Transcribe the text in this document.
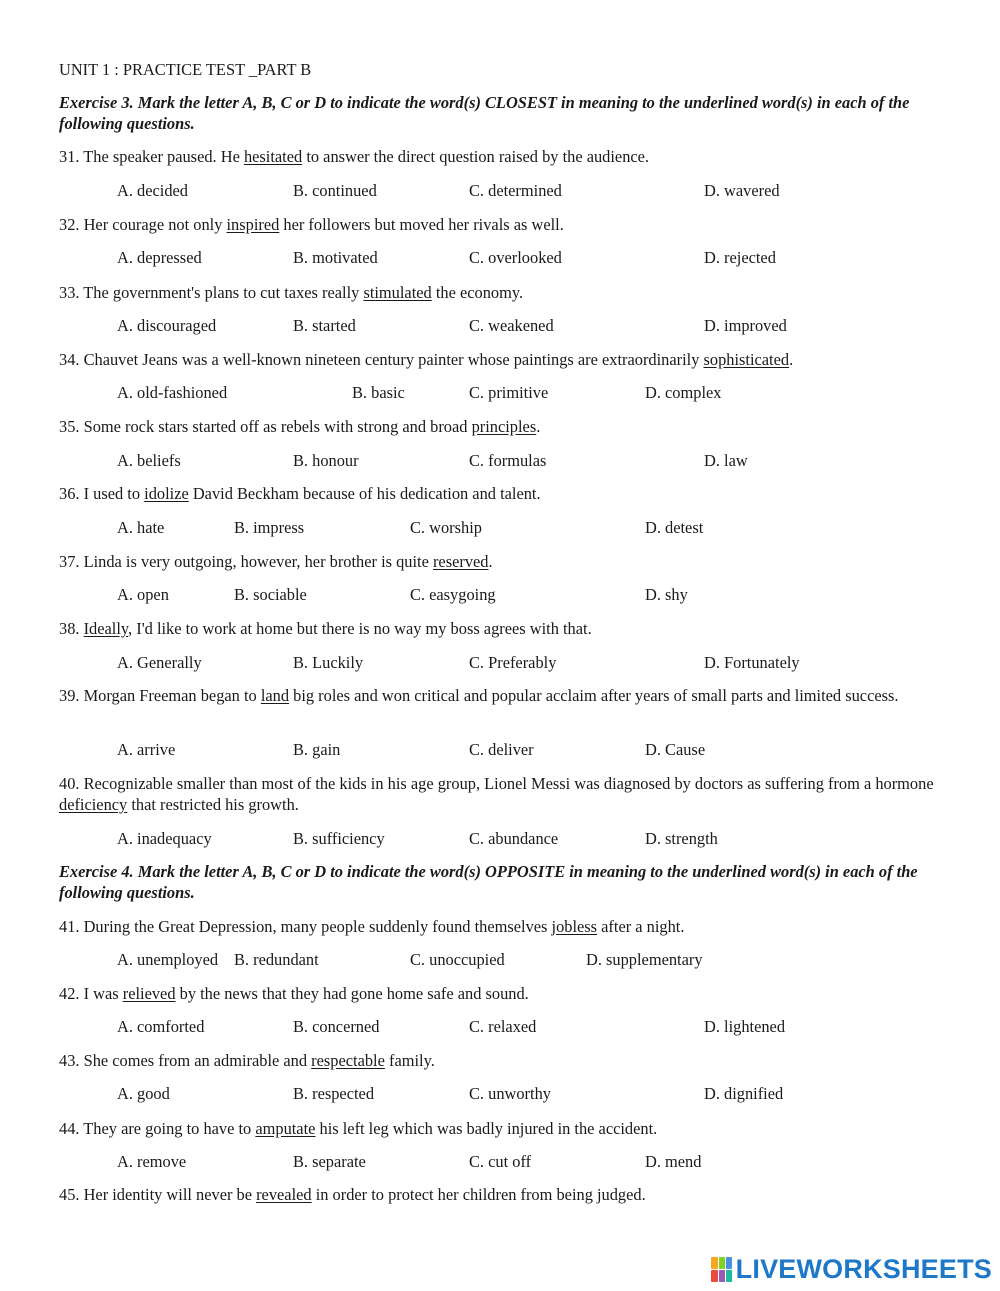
UNIT 1 : PRACTICE TEST _PART B
Exercise 3. Mark the letter A, B, C or D to indicate the word(s) CLOSEST in meaning to the underlined word(s) in each of the following questions.
31. The speaker paused. He hesitated to answer the direct question raised by the audience.
A. decided	B. continued	C. determined	D. wavered
32. Her courage not only inspired her followers but moved her rivals as well.
A. depressed	B. motivated	C. overlooked	D. rejected
33. The government's plans to cut taxes really stimulated the economy.
A. discouraged	B. started	C. weakened	D. improved
34. Chauvet Jeans was a well-known nineteen century painter whose paintings are extraordinarily sophisticated.
A. old-fashioned	B. basic	C. primitive	D. complex
35. Some rock stars started off as rebels with strong and broad principles.
A. beliefs	B. honour	C. formulas	D. law
36. I used to idolize David Beckham because of his dedication and talent.
A. hate	B. impress	C. worship	D. detest
37. Linda is very outgoing, however, her brother is quite reserved.
A. open	B. sociable	C. easygoing	D. shy
38. Ideally, I'd like to work at home but there is no way my boss agrees with that.
A. Generally	B. Luckily	C. Preferably	D. Fortunately
39. Morgan Freeman began to land big roles and won critical and popular acclaim after years of small parts and limited success.
A. arrive	B. gain	C. deliver	D. Cause
40. Recognizable smaller than most of the kids in his age group, Lionel Messi was diagnosed by doctors as suffering from a hormone deficiency that restricted his growth.
A. inadequacy	B. sufficiency	C. abundance	D. strength
41. During the Great Depression, many people suddenly found themselves jobless after a night.
A. unemployed B. redundant	C. unoccupied	D. supplementary
42. I was relieved by the news that they had gone home safe and sound.
A. comforted	B. concerned	C. relaxed	D. lightened
43. She comes from an admirable and respectable family.
A. good	B. respected	C. unworthy	D. dignified
44. They are going to have to amputate his left leg which was badly injured in the accident.
A. remove	B. separate	C. cut off	D. mend
45. Her identity will never be revealed in order to protect her children from being judged.
Exercise 4. Mark the letter A, B, C or D to indicate the word(s) OPPOSITE in meaning to the underlined word(s) in each of the following questions.
LIVEWORKSHEETS
